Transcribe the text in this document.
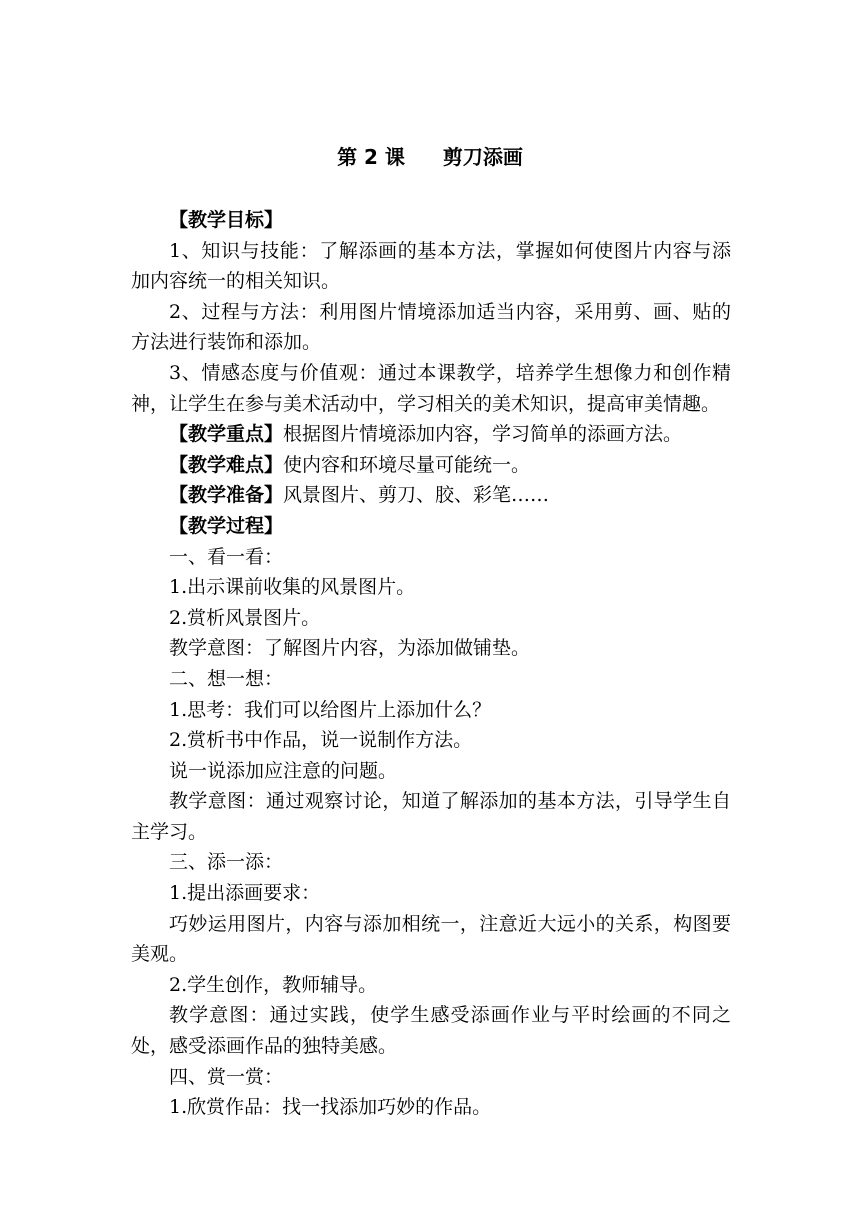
第 2 课 剪刀添画

【教学目标】

1、知识与技能：了解添画的基本方法，掌握如何使图片内容与添加内容统一的相关知识。

2、过程与方法：利用图片情境添加适当内容，采用剪、画、贴的方法进行装饰和添加。

3、情感态度与价值观：通过本课教学，培养学生想像力和创作精神，让学生在参与美术活动中，学习相关的美术知识，提高审美情趣。

【教学重点】根据图片情境添加内容，学习简单的添画方法。

【教学难点】使内容和环境尽量可能统一。

【教学准备】风景图片、剪刀、胶、彩笔……

【教学过程】

一、看一看：

1.出示课前收集的风景图片。

2.赏析风景图片。

教学意图：了解图片内容，为添加做铺垫。

二、想一想：

1.思考：我们可以给图片上添加什么？

2.赏析书中作品，说一说制作方法。

说一说添加应注意的问题。

教学意图：通过观察讨论，知道了解添加的基本方法，引导学生自主学习。

三、添一添：

1.提出添画要求：

巧妙运用图片，内容与添加相统一，注意近大远小的关系，构图要美观。

2.学生创作，教师辅导。

教学意图：通过实践，使学生感受添画作业与平时绘画的不同之处，感受添画作品的独特美感。

四、赏一赏：

1.欣赏作品：找一找添加巧妙的作品。
